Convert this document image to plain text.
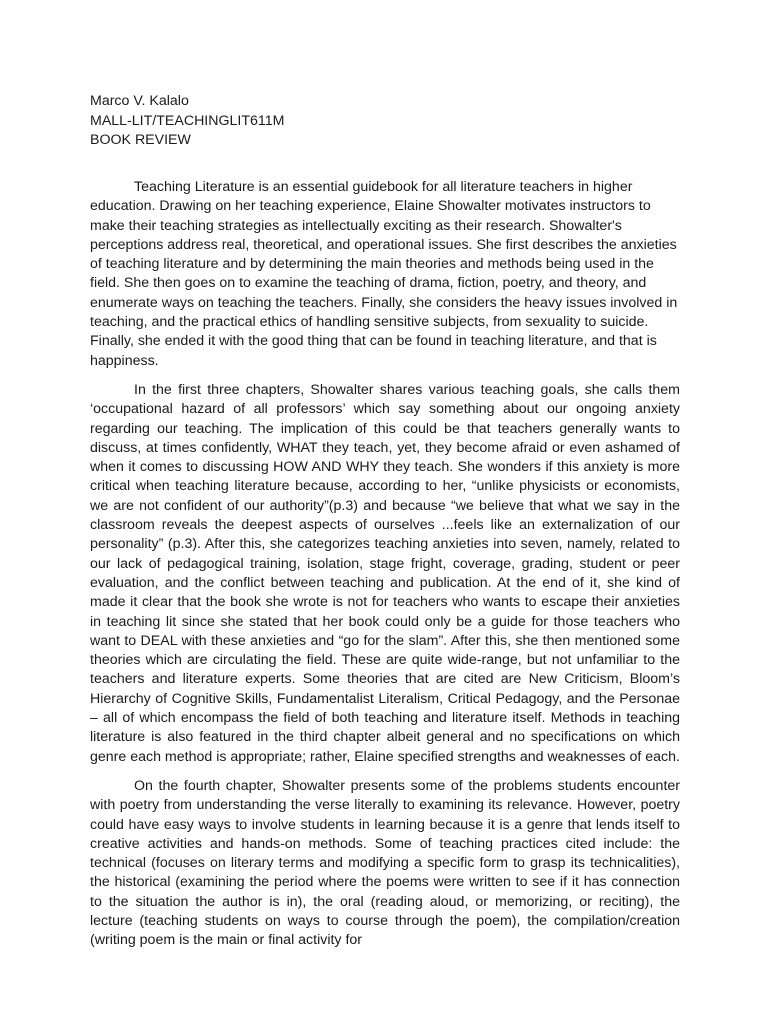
Marco V. Kalalo
MALL-LIT/TEACHINGLIT611M
BOOK REVIEW

Teaching Literature is an essential guidebook for all literature teachers in higher education. Drawing on her teaching experience, Elaine Showalter motivates instructors to make their teaching strategies as intellectually exciting as their research. Showalter's perceptions address real, theoretical, and operational issues. She first describes the anxieties of teaching literature and by determining the main theories and methods being used in the field. She then goes on to examine the teaching of drama, fiction, poetry, and theory, and enumerate ways on teaching the teachers. Finally, she considers the heavy issues involved in teaching, and the practical ethics of handling sensitive subjects, from sexuality to suicide. Finally, she ended it with the good thing that can be found in teaching literature, and that is happiness.

In the first three chapters, Showalter shares various teaching goals, she calls them ‘occupational hazard of all professors’ which say something about our ongoing anxiety regarding our teaching. The implication of this could be that teachers generally wants to discuss, at times confidently, WHAT they teach, yet, they become afraid or even ashamed of when it comes to discussing HOW AND WHY they teach. She wonders if this anxiety is more critical when teaching literature because, according to her, “unlike physicists or economists, we are not confident of our authority”(p.3) and because “we believe that what we say in the classroom reveals the deepest aspects of ourselves ...feels like an externalization of our personality” (p.3). After this, she categorizes teaching anxieties into seven, namely, related to our lack of pedagogical training, isolation, stage fright, coverage, grading, student or peer evaluation, and the conflict between teaching and publication. At the end of it, she kind of made it clear that the book she wrote is not for teachers who wants to escape their anxieties in teaching lit since she stated that her book could only be a guide for those teachers who want to DEAL with these anxieties and “go for the slam”. After this, she then mentioned some theories which are circulating the field. These are quite wide-range, but not unfamiliar to the teachers and literature experts. Some theories that are cited are New Criticism, Bloom’s Hierarchy of Cognitive Skills, Fundamentalist Literalism, Critical Pedagogy, and the Personae – all of which encompass the field of both teaching and literature itself. Methods in teaching literature is also featured in the third chapter albeit general and no specifications on which genre each method is appropriate; rather, Elaine specified strengths and weaknesses of each.

On the fourth chapter, Showalter presents some of the problems students encounter with poetry from understanding the verse literally to examining its relevance. However, poetry could have easy ways to involve students in learning because it is a genre that lends itself to creative activities and hands-on methods. Some of teaching practices cited include: the technical (focuses on literary terms and modifying a specific form to grasp its technicalities), the historical (examining the period where the poems were written to see if it has connection to the situation the author is in), the oral (reading aloud, or memorizing, or reciting), the lecture (teaching students on ways to course through the poem), the compilation/creation (writing poem is the main or final activity for
